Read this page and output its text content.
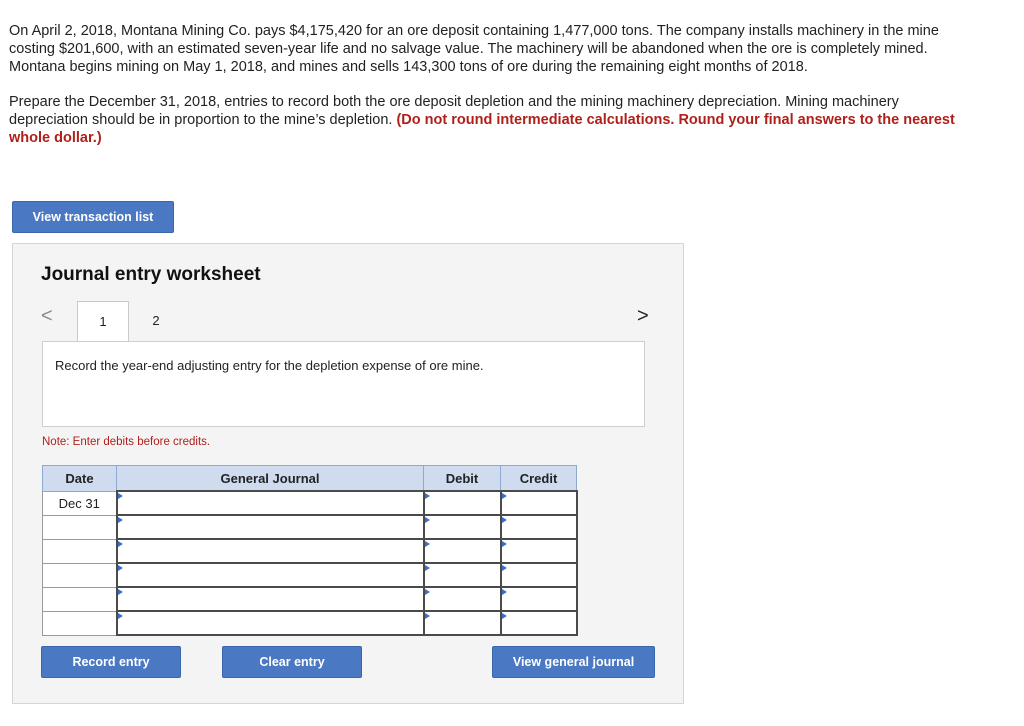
On April 2, 2018, Montana Mining Co. pays $4,175,420 for an ore deposit containing 1,477,000 tons. The company installs machinery in the mine costing $201,600, with an estimated seven-year life and no salvage value. The machinery will be abandoned when the ore is completely mined. Montana begins mining on May 1, 2018, and mines and sells 143,300 tons of ore during the remaining eight months of 2018.

Prepare the December 31, 2018, entries to record both the ore deposit depletion and the mining machinery depreciation. Mining machinery depreciation should be in proportion to the mine’s depletion. (Do not round intermediate calculations. Round your final answers to the nearest whole dollar.)

View transaction list
Journal entry worksheet
<	1	2	>
Record the year-end adjusting entry for the depletion expense of ore mine.
Note: Enter debits before credits.
Date	General Journal	Debit	Credit
Dec 31	

Record entry	Clear entry	View general journal
